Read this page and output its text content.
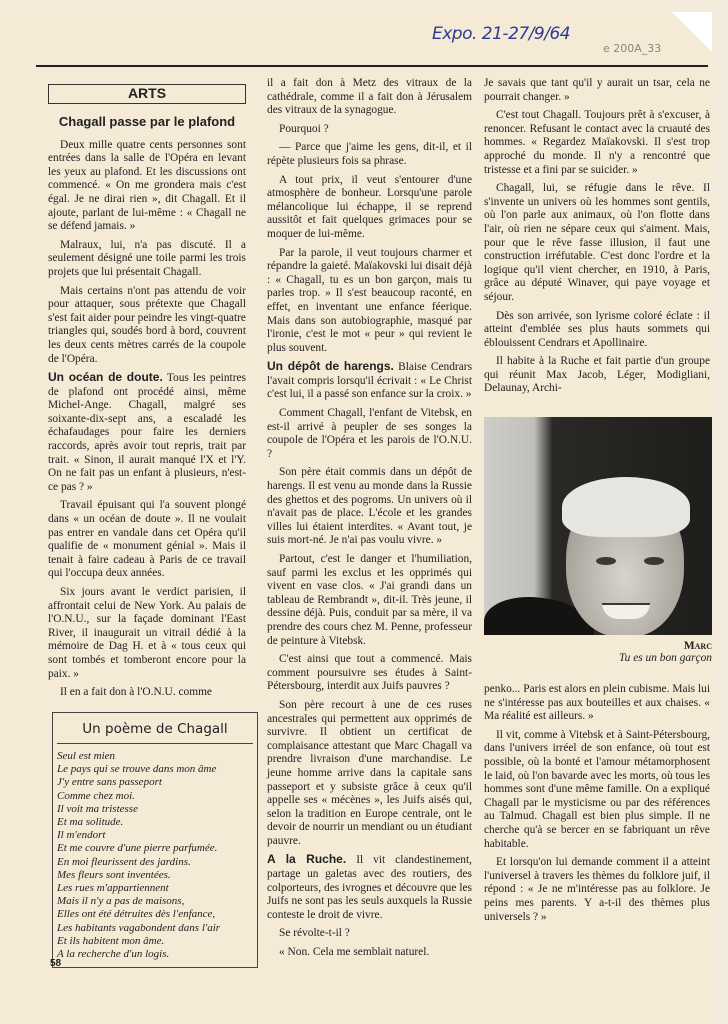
Expo. 21-27/9/64
e 200A_33
ARTS
Chagall passe par le plafond

Deux mille quatre cents personnes sont entrées dans la salle de l'Opéra en levant les yeux au plafond. Et les discussions ont commencé. « On me grondera mais c'est égal. Je ne dirai rien », dit Chagall. Et il ajoute, parlant de lui-même : « Chagall ne se défend jamais. »

Malraux, lui, n'a pas discuté. Il a seulement désigné une toile parmi les trois projets que lui présentait Chagall.

Mais certains n'ont pas attendu de voir pour attaquer, sous prétexte que Chagall s'est fait aider pour peindre les vingt-quatre triangles qui, soudés bord à bord, couvrent les deux cents mètres carrés de la coupole de l'Opéra.

Un océan de doute. Tous les peintres de plafond ont procédé ainsi, même Michel-Ange. Chagall, malgré ses soixante-dix-sept ans, a escaladé les échafaudages pour faire les derniers raccords, après avoir tout repris, trait par trait. « Sinon, il aurait manqué l'X et l'Y. On ne fait pas un enfant à plusieurs, n'est-ce pas ? »

Travail épuisant qui l'a souvent plongé dans « un océan de doute ». Il ne voulait pas entrer en vandale dans cet Opéra qu'il qualifie de « monument génial ». Mais il tenait à faire cadeau à Paris de ce travail qui l'occupa deux années.

Six jours avant le verdict parisien, il affrontait celui de New York. Au palais de l'O.N.U., sur la façade dominant l'East River, il inaugurait un vitrail dédié à la mémoire de Dag H. et à « tous ceux qui sont tombés et tomberont encore pour la paix. »

Il en a fait don à l'O.N.U. comme

Un poème de Chagall
Seul est mien
Le pays qui se trouve dans mon âme
J'y entre sans passeport
Comme chez moi.
Il voit ma tristesse
Et ma solitude.
Il m'endort
Et me couvre d'une pierre parfumée.
En moi fleurissent des jardins.
Mes fleurs sont inventées.
Les rues m'appartiennent
Mais il n'y a pas de maisons,
Elles ont été détruites dès l'enfance,
Les habitants vagabondent dans l'air
Et ils habitent mon âme.
A la recherche d'un logis.
58

il a fait don à Metz des vitraux de la cathédrale, comme il a fait don à Jérusalem des vitraux de la synagogue.

Pourquoi ?

— Parce que j'aime les gens, dit-il, et il répète plusieurs fois sa phrase.

A tout prix, il veut s'entourer d'une atmosphère de bonheur. Lorsqu'une parole mélancolique lui échappe, il se reprend aussitôt et fait quelques grimaces pour se moquer de lui-même.

Par la parole, il veut toujours charmer et répandre la gaieté. Maïakovski lui disait déjà : « Chagall, tu es un bon garçon, mais tu parles trop. » Il s'est beaucoup raconté, en effet, en inventant une enfance féerique. Mais dans son autobiographie, masqué par l'ironie, c'est le mot « peur » qui revient le plus souvent.

Un dépôt de harengs. Blaise Cendrars l'avait compris lorsqu'il écrivait : « Le Christ c'est lui, il a passé son enfance sur la croix. »

Comment Chagall, l'enfant de Vitebsk, en est-il arrivé à peupler de ses songes la coupole de l'Opéra et les parois de l'O.N.U. ?

Son père était commis dans un dépôt de harengs. Il est venu au monde dans la Russie des ghettos et des pogroms. Un univers où il n'avait pas de place. L'école et les grandes villes lui étaient interdites. « Avant tout, je suis mort-né. Je n'ai pas voulu vivre. »

Partout, c'est le danger et l'humiliation, sauf parmi les exclus et les opprimés qui vivent en vase clos. « J'ai grandi dans un tableau de Rembrandt », dit-il. Très jeune, il dessine déjà. Puis, conduit par sa mère, il va prendre des cours chez M. Penne, professeur de peinture à Vitebsk.

C'est ainsi que tout a commencé. Mais comment poursuivre ses études à Saint-Pétersbourg, interdit aux Juifs pauvres ?

Son père recourt à une de ces ruses ancestrales qui permettent aux opprimés de survivre. Il obtient un certificat de complaisance attestant que Marc Chagall va prendre livraison d'une marchandise. Le jeune homme arrive dans la capitale sans passeport et y subsiste grâce à ceux qu'il appelle ses « mécènes », les Juifs aisés qui, selon la tradition en Europe centrale, ont le devoir de nourrir un mendiant ou un étudiant pauvre.

A la Ruche. Il vit clandestinement, partage un galetas avec des routiers, des colporteurs, des ivrognes et découvre que les Juifs ne sont pas les seuls auxquels la Russie conteste le droit de vivre.

Se révolte-t-il ?

« Non. Cela me semblait naturel.

Je savais que tant qu'il y aurait un tsar, cela ne pourrait changer. »

C'est tout Chagall. Toujours prêt à s'excuser, à renoncer. Refusant le contact avec la cruauté des hommes. « Regardez Maïakovski. Il s'est trop approché du monde. Il n'y a rencontré que tristesse et a fini par se suicider. »

Chagall, lui, se réfugie dans le rêve. Il s'invente un univers où les hommes sont gentils, où l'on parle aux animaux, où l'on flotte dans l'air, où rien ne sépare ceux qui s'aiment. Mais, pour que le rêve fasse illusion, il faut une construction irréfutable. C'est donc l'ordre et la logique qu'il vient chercher, en 1910, à Paris, grâce au député Winaver, qui paye voyage et séjour.

Dès son arrivée, son lyrisme coloré éclate : il atteint d'emblée ses plus hauts sommets qui éblouissent Cendrars et Apollinaire.

Il habite à la Ruche et fait partie d'un groupe qui réunit Max Jacob, Léger, Modigliani, Delaunay, Archi-

Marc
Tu es un bon garçon

penko... Paris est alors en plein cubisme. Mais lui ne s'intéresse pas aux bouteilles et aux chaises. « Ma réalité est ailleurs. »

Il vit, comme à Vitebsk et à Saint-Pétersbourg, dans l'univers irréel de son enfance, où tout est possible, où la bonté et l'amour métamorphosent le laid, où l'on bavarde avec les morts, où tous les hommes sont d'une même famille. On a expliqué Chagall par le mysticisme ou par des références au Talmud. Chagall est bien plus simple. Il ne cherche qu'à se bercer en se fabriquant un rêve habitable.

Et lorsqu'on lui demande comment il a atteint l'universel à travers les thèmes du folklore juif, il répond : « Je ne m'intéresse pas au folklore. Je peins mes parents. Y a-t-il des thèmes plus universels ? »
